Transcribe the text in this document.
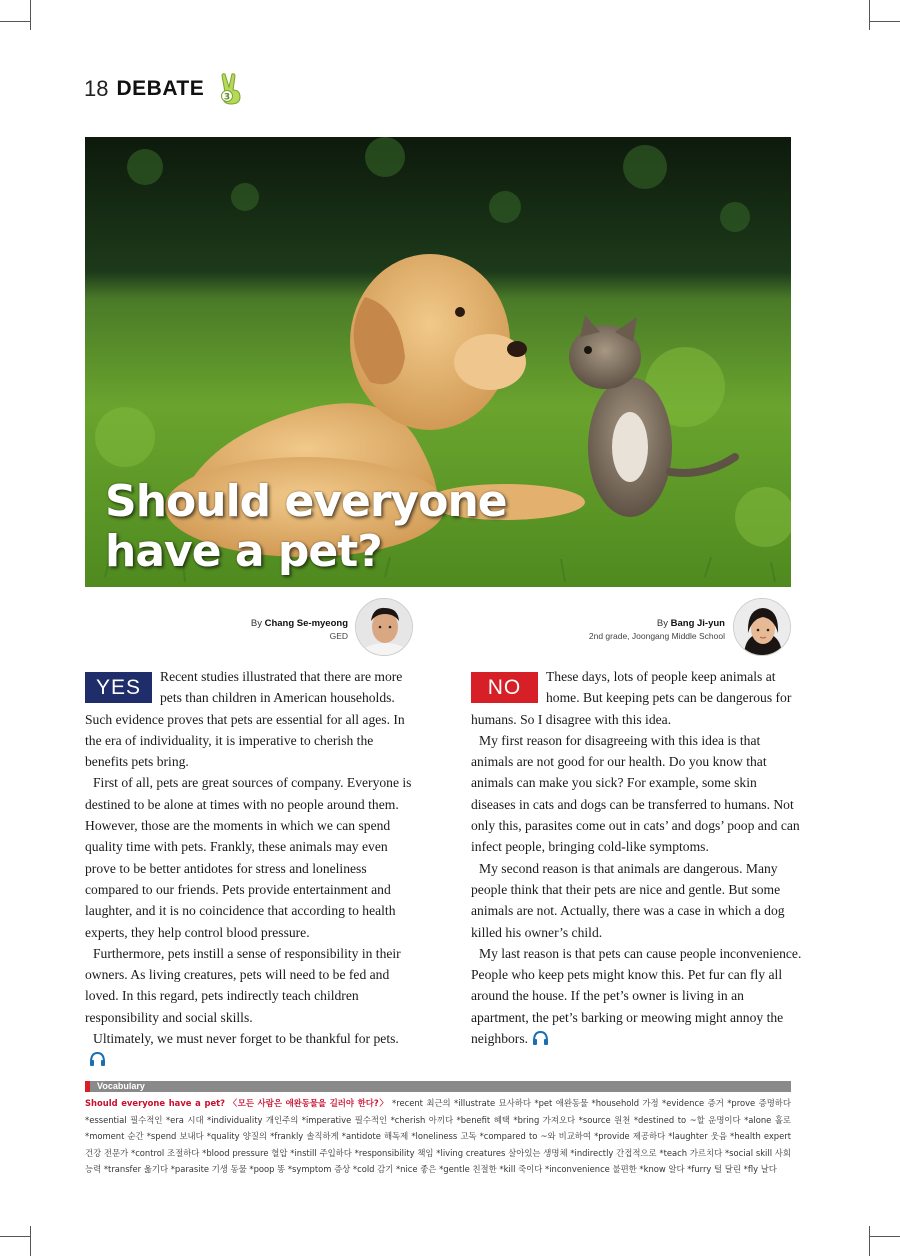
18 DEBATE 3
Should everyone
have a pet?
By Chang Se-myeong
GED
By Bang Ji-yun
2nd grade, Joongang Middle School
YES	Recent studies illustrated that there are more pets than children in American households. Such evidence proves that pets are essential for all ages. In the era of individuality, it is imperative to cherish the benefits pets bring.

First of all, pets are great sources of company. Everyone is destined to be alone at times with no people around them. However, those are the moments in which we can spend quality time with pets. Frankly, these animals may even prove to be better antidotes for stress and loneliness compared to our friends. Pets provide entertainment and laughter, and it is no coincidence that according to health experts, they help control blood pressure.

Furthermore, pets instill a sense of responsibility in their owners. As living creatures, pets will need to be fed and loved. In this regard, pets indirectly teach children responsibility and social skills.

Ultimately, we must never forget to be thankful for pets.

NO	These days, lots of people keep animals at home. But keeping pets can be dangerous for humans. So I disagree with this idea.

My first reason for disagreeing with this idea is that animals are not good for our health. Do you know that animals can make you sick? For example, some skin diseases in cats and dogs can be transferred to humans. Not only this, parasites come out in cats’ and dogs’ poop and can infect people, bringing cold-like symptoms.

My second reason is that animals are dangerous. Many people think that their pets are nice and gentle. But some animals are not. Actually, there was a case in which a dog killed his owner’s child.

My last reason is that pets can cause people inconvenience. People who keep pets might know this. Pet fur can fly all around the house. If the pet’s owner is living in an apartment, the pet’s barking or meowing might annoy the neighbors.

Vocabulary
Should everyone have a pet? 〈모든 사람은 애완동물을 길러야 한다?〉 *recent 최근의 *illustrate 묘사하다 *pet 애완동물 *household 가정 *evidence 증거 *prove 증명하다 *essential 필수적인 *era 시대 *individuality 개인주의 *imperative 필수적인 *cherish 아끼다 *benefit 혜택 *bring 가져오다 *source 원천 *destined to ~할 운명이다 *alone 홀로 *moment 순간 *spend 보내다 *quality 양질의 *frankly 솔직하게 *antidote 해독제 *loneliness 고독 *compared to ~와 비교하여 *provide 제공하다 *laughter 웃음 *health expert 건강 전문가 *control 조절하다 *blood pressure 혈압 *instill 주입하다 *responsibility 책임 *living creatures 살아있는 생명체 *indirectly 간접적으로 *teach 가르치다 *social skill 사회능력 *transfer 옮기다 *parasite 기생 동물 *poop 똥 *symptom 증상 *cold 감기 *nice 좋은 *gentle 친절한 *kill 죽이다 *inconvenience 불편한 *know 알다 *furry 털 달린 *fly 날다
